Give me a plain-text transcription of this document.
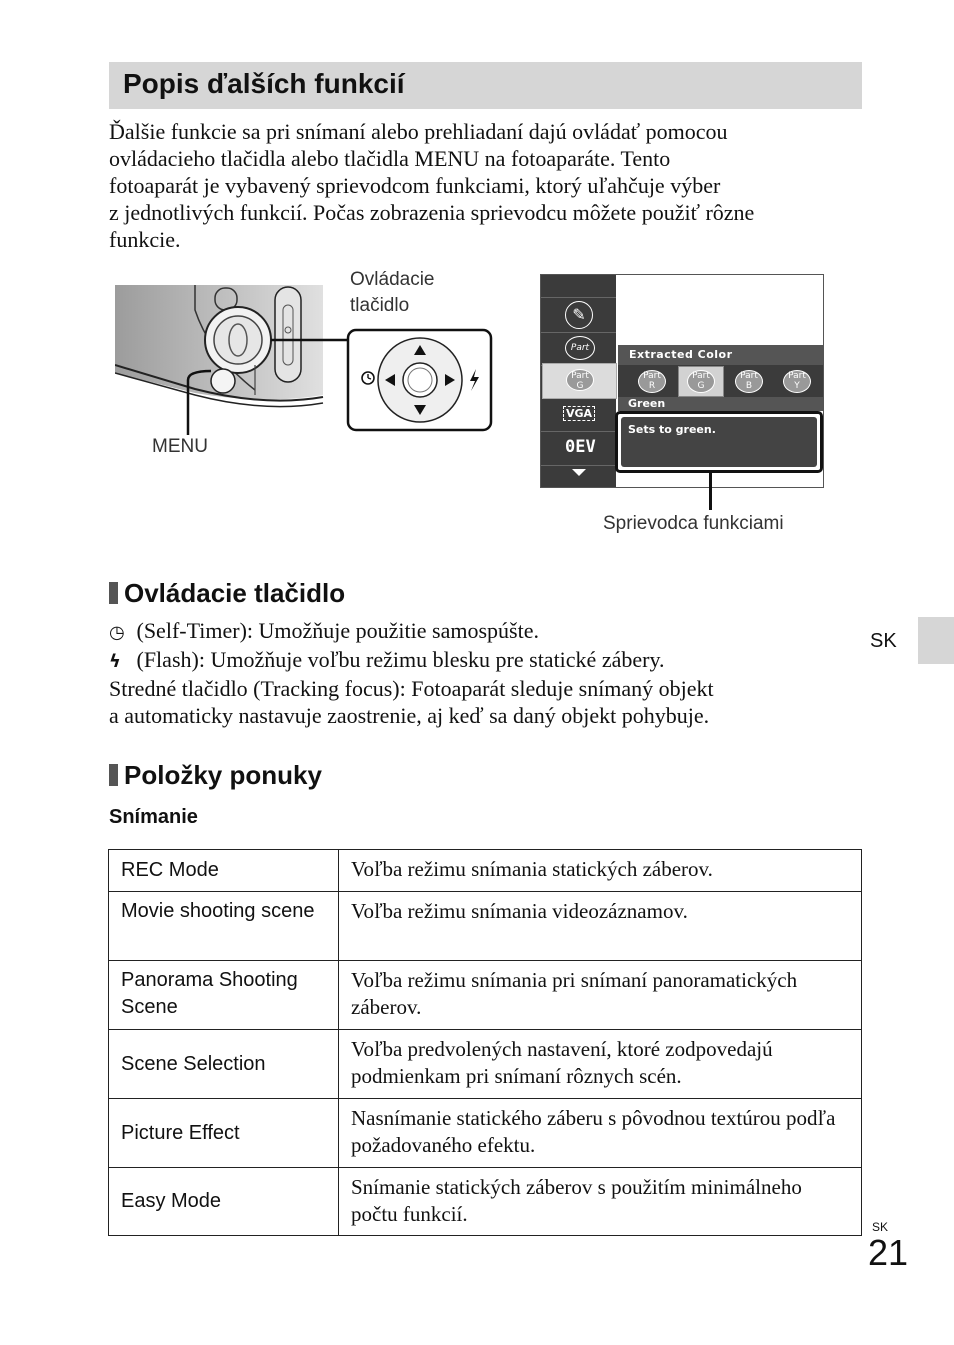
Popis ďalších funkcií
Ďalšie funkcie sa pri snímaní alebo prehliadaní dajú ovládať pomocou
ovládacieho tlačidla alebo tlačidla MENU na fotoaparáte. Tento
fotoaparát je vybavený sprievodcom funkciami, ktorý uľahčuje výber
z jednotlivých funkcií. Počas zobrazenia sprievodcu môžete použiť rôzne
funkcie.
Ovládacie
tlačidlo
MENU
✎
Part
Part
G
VGA
0EV
Extracted Color
Part
R
Part
G
Part
B
Part
Y
Green
Sets to green.
Sprievodca funkciami
Ovládacie tlačidlo
◷ (Self-Timer): Umožňuje použitie samospúšte.
ϟ (Flash): Umožňuje voľbu režimu blesku pre statické zábery.
Stredné tlačidlo (Tracking focus): Fotoaparát sleduje snímaný objekt
a automaticky nastavuje zaostrenie, aj keď sa daný objekt pohybuje.
Položky ponuky
Snímanie
REC Mode	Voľba režimu snímania statických záberov.
Movie shooting scene	Voľba režimu snímania videozáznamov.
Panorama Shooting Scene	Voľba režimu snímania pri snímaní panoramatických záberov.
Scene Selection	Voľba predvolených nastavení, ktoré zodpovedajú podmienkam pri snímaní rôznych scén.
Picture Effect	Nasnímanie statického záberu s pôvodnou textúrou podľa požadovaného efektu.
Easy Mode	Snímanie statických záberov s použitím minimálneho počtu funkcií.
SK
SK
21
